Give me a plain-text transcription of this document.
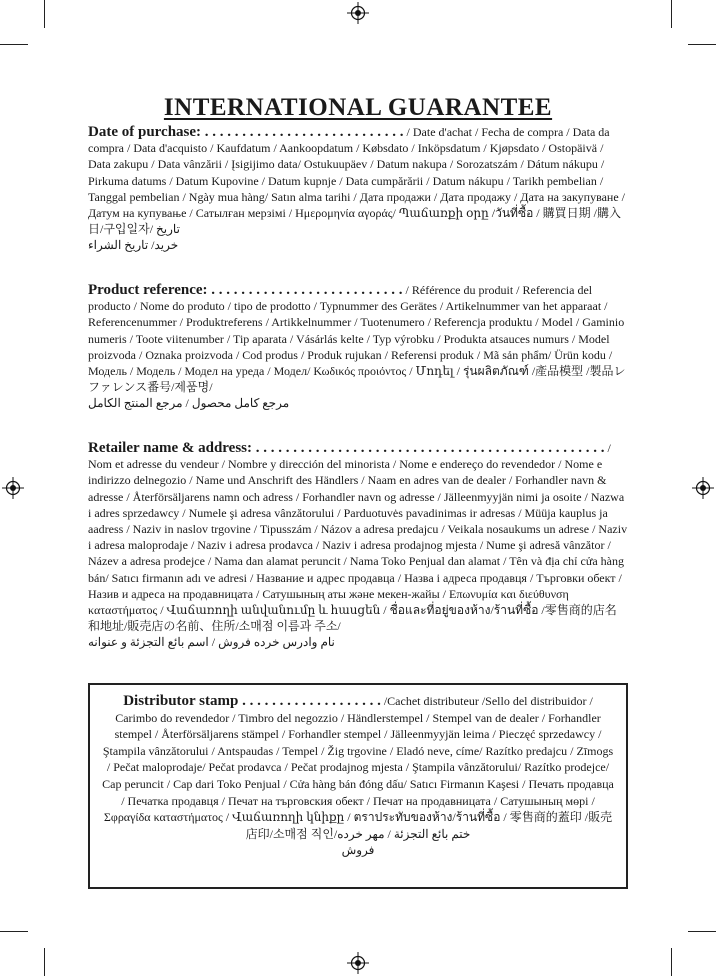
INTERNATIONAL GUARANTEE
Date of purchase: . . . . . . . . . . . . . . . . . . . . . . . . . . . / Date d'achat / Fecha de compra / Data da compra / Data d'acquisto / Kaufdatum / Aankoopdatum / Købsdato / Inköpsdatum / Kjøpsdato / Ostopäivä / Data zakupu / Data vânzării / Įsigijimo data/ Ostukuupäev / Datum nakupa / Sorozatszám / Dátum nákupu / Pirkuma datums / Datum Kupovine / Datum kupnje / Data cumpărării / Datum nákupu / Tarikh pembelian / Tanggal pembelian / Ngày mua hàng/ Satın alma tarihi / Дата продажи / Дата продажу / Дата на закупуване / Датум на купување / Сатылған мерзімі / Ημερομηνία αγοράς/ Պաճառքի օրը /วันที่ซื้อ / 購買日期 /購入日/구입일자/ تاريخ
خرید/ تاريخ الشراء
Product reference: . . . . . . . . . . . . . . . . . . . . . . . . . . / Référence du produit / Referencia del producto / Nome do produto / tipo de prodotto / Typnummer des Gerätes / Artikelnummer van het apparaat / Referencenummer / Produktreferens / Artikkelnummer / Tuotenumero / Referencja produktu / Model / Gaminio numeris / Toote viitenumber / Tip aparata / Vásárlás kelte / Typ výrobku / Produkta atsauces numurs / Model proizvoda / Oznaka proizvoda / Cod produs / Produk rujukan / Referensi produk / Mã sản phẩm/ Ürün kodu / Модель / Модель / Модел на уреда / Модел/ Κωδικός προιόντος / Մոդել / รุ่นผลิตภัณฑ์ /產品模型 /製品レファレンス番号/제품명/
مرجع کامل محصول / مرجع المنتج الكامل
Retailer name & address: . . . . . . . . . . . . . . . . . . . . . . . . . . . . . . . . . . . . . . . . . . . . . . . / Nom et adresse du vendeur / Nombre y dirección del minorista / Nome e endereço do revendedor / Nome e indirizzo delnegozio / Name und Anschrift des Händlers / Naam en adres van de dealer / Forhandler navn & adresse / Återförsäljarens namn och adress / Forhandler navn og adresse / Jälleenmyyjän nimi ja osoite / Nazwa i adres sprzedawcy / Numele şi adresa vânzătorului / Parduotuvės pavadinimas ir adresas / Müüja kauplus ja aadress / Naziv in naslov trgovine / Tipusszám / Názov a adresa predajcu / Veikala nosaukums un adrese / Naziv i adresa maloprodaje / Naziv i adresa prodavca / Naziv i adresa prodajnog mjesta / Nume şi adresă vânzător / Název a adresa prodejce / Nama dan alamat peruncit / Nama Toko Penjual dan alamat / Tên và địa chỉ cửa hàng bán/ Satıcı firmanın adı ve adresi / Название и адрес продавца / Назва і адреса продавця / Търговки обект / Назив и адреса на продавницата / Сатушының аты және мекен-жайы / Επωνυμία και διεύθυνση καταστήματος / Վաճառողի անվանումը և հասցեն / ชื่อและที่อยู่ของห้าง/ร้านที่ซื้อ /零售商的店名和地址/販売店の名前、住所/소매점 이름과 주소/
نام وادرس خرده فروش / اسم بائع التجزئة و عنوانه
Distributor stamp . . . . . . . . . . . . . . . . . . . /Cachet distributeur /Sello del distribuidor / Carimbo do revendedor / Timbro del negozzio / Händlerstempel / Stempel van de dealer / Forhandler stempel / Återförsäljarens stämpel / Forhandler stempel / Jälleenmyyjän leima / Pieczęć sprzedawcy / Ştampila vânzătorului / Antspaudas / Tempel / Žig trgovine / Eladó neve, címe/ Razítko predajcu / Zīmogs / Pečat maloprodaje/ Pečat prodavca / Pečat prodajnog mjesta / Ştampila vânzătorului/ Razítko prodejce/ Cap peruncit / Cap dari Toko Penjual / Cửa hàng bán đóng dấu/ Satıcı Firmanın Kaşesi / Печать продавца / Печатка продавця / Печат на търговския обект / Печат на продавницата / Сатушының мөрі / Σφραγίδα καταστήματος / Վաճառողի կնիքը / ตราประทับของห้าง/ร้านที่ซื้อ / 零售商的蓋印 /販売店印/소매점 직인/ختم بائع التجزئة / مهر خرده
فروش
